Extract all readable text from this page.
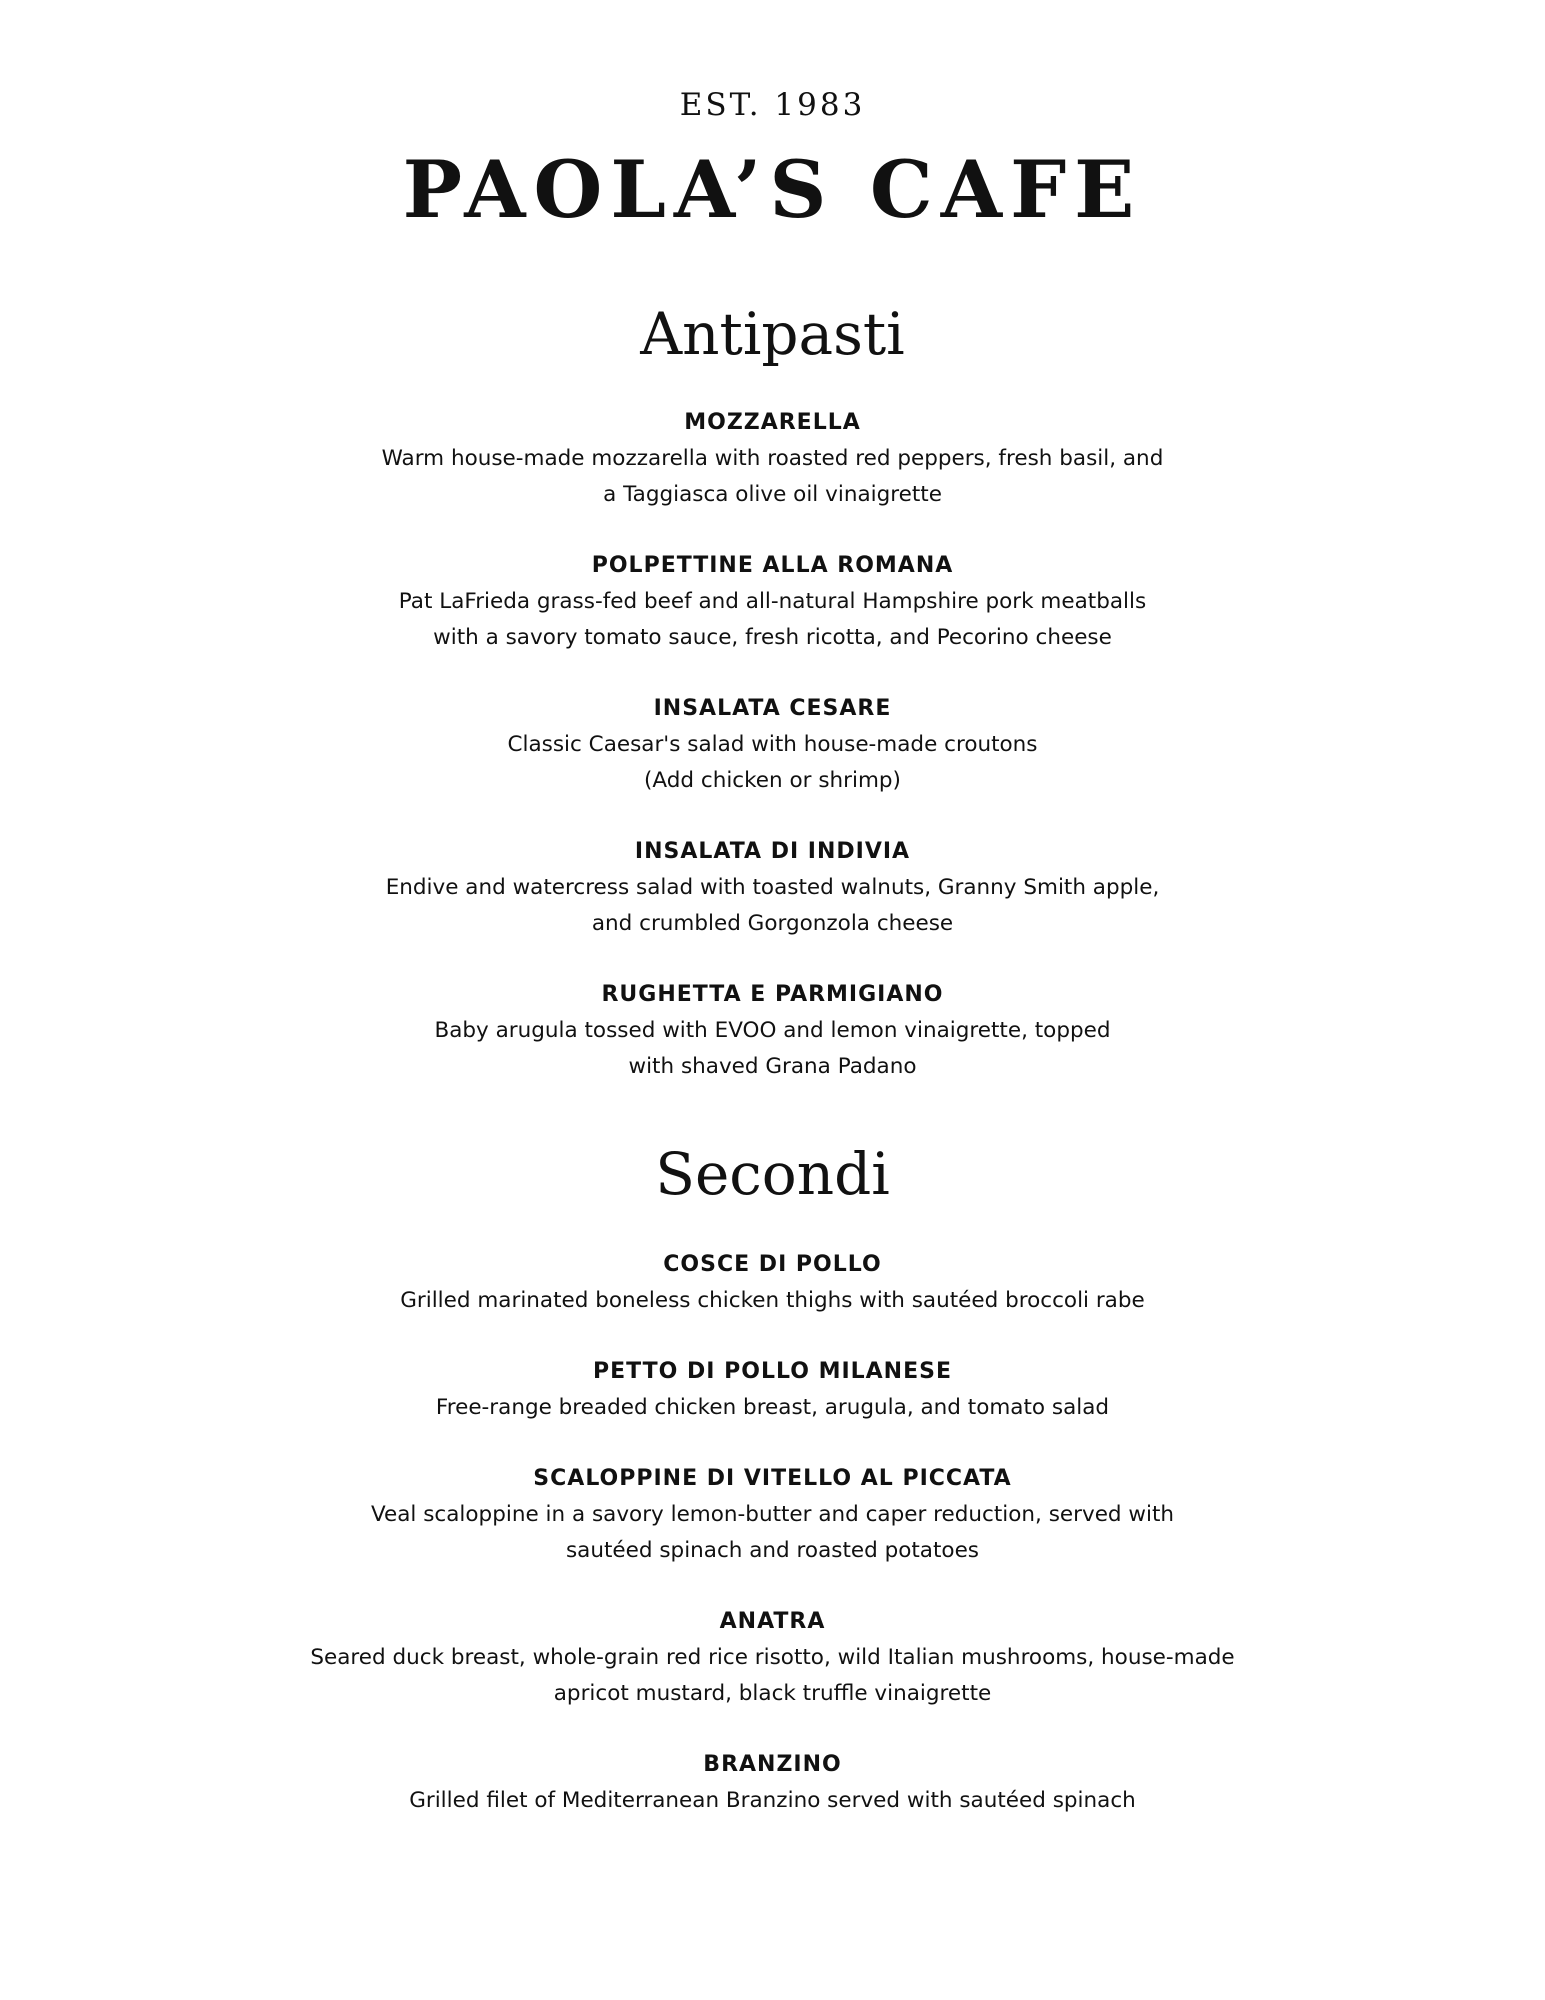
EST. 1983
PAOLA’S CAFE
Antipasti
MOZZARELLA
Warm house-made mozzarella with roasted red peppers, fresh basil, and
a Taggiasca olive oil vinaigrette
POLPETTINE ALLA ROMANA
Pat LaFrieda grass-fed beef and all-natural Hampshire pork meatballs
with a savory tomato sauce, fresh ricotta, and Pecorino cheese
INSALATA CESARE
Classic Caesar's salad with house-made croutons
(Add chicken or shrimp)
INSALATA DI INDIVIA
Endive and watercress salad with toasted walnuts, Granny Smith apple,
and crumbled Gorgonzola cheese
RUGHETTA E PARMIGIANO
Baby arugula tossed with EVOO and lemon vinaigrette, topped
with shaved Grana Padano
Secondi
COSCE DI POLLO
Grilled marinated boneless chicken thighs with sautéed broccoli rabe
PETTO DI POLLO MILANESE
Free-range breaded chicken breast, arugula, and tomato salad
SCALOPPINE DI VITELLO AL PICCATA
Veal scaloppine in a savory lemon-butter and caper reduction, served with
sautéed spinach and roasted potatoes
ANATRA
Seared duck breast, whole-grain red rice risotto, wild Italian mushrooms, house-made
apricot mustard, black truffle vinaigrette
BRANZINO
Grilled filet of Mediterranean Branzino served with sautéed spinach
